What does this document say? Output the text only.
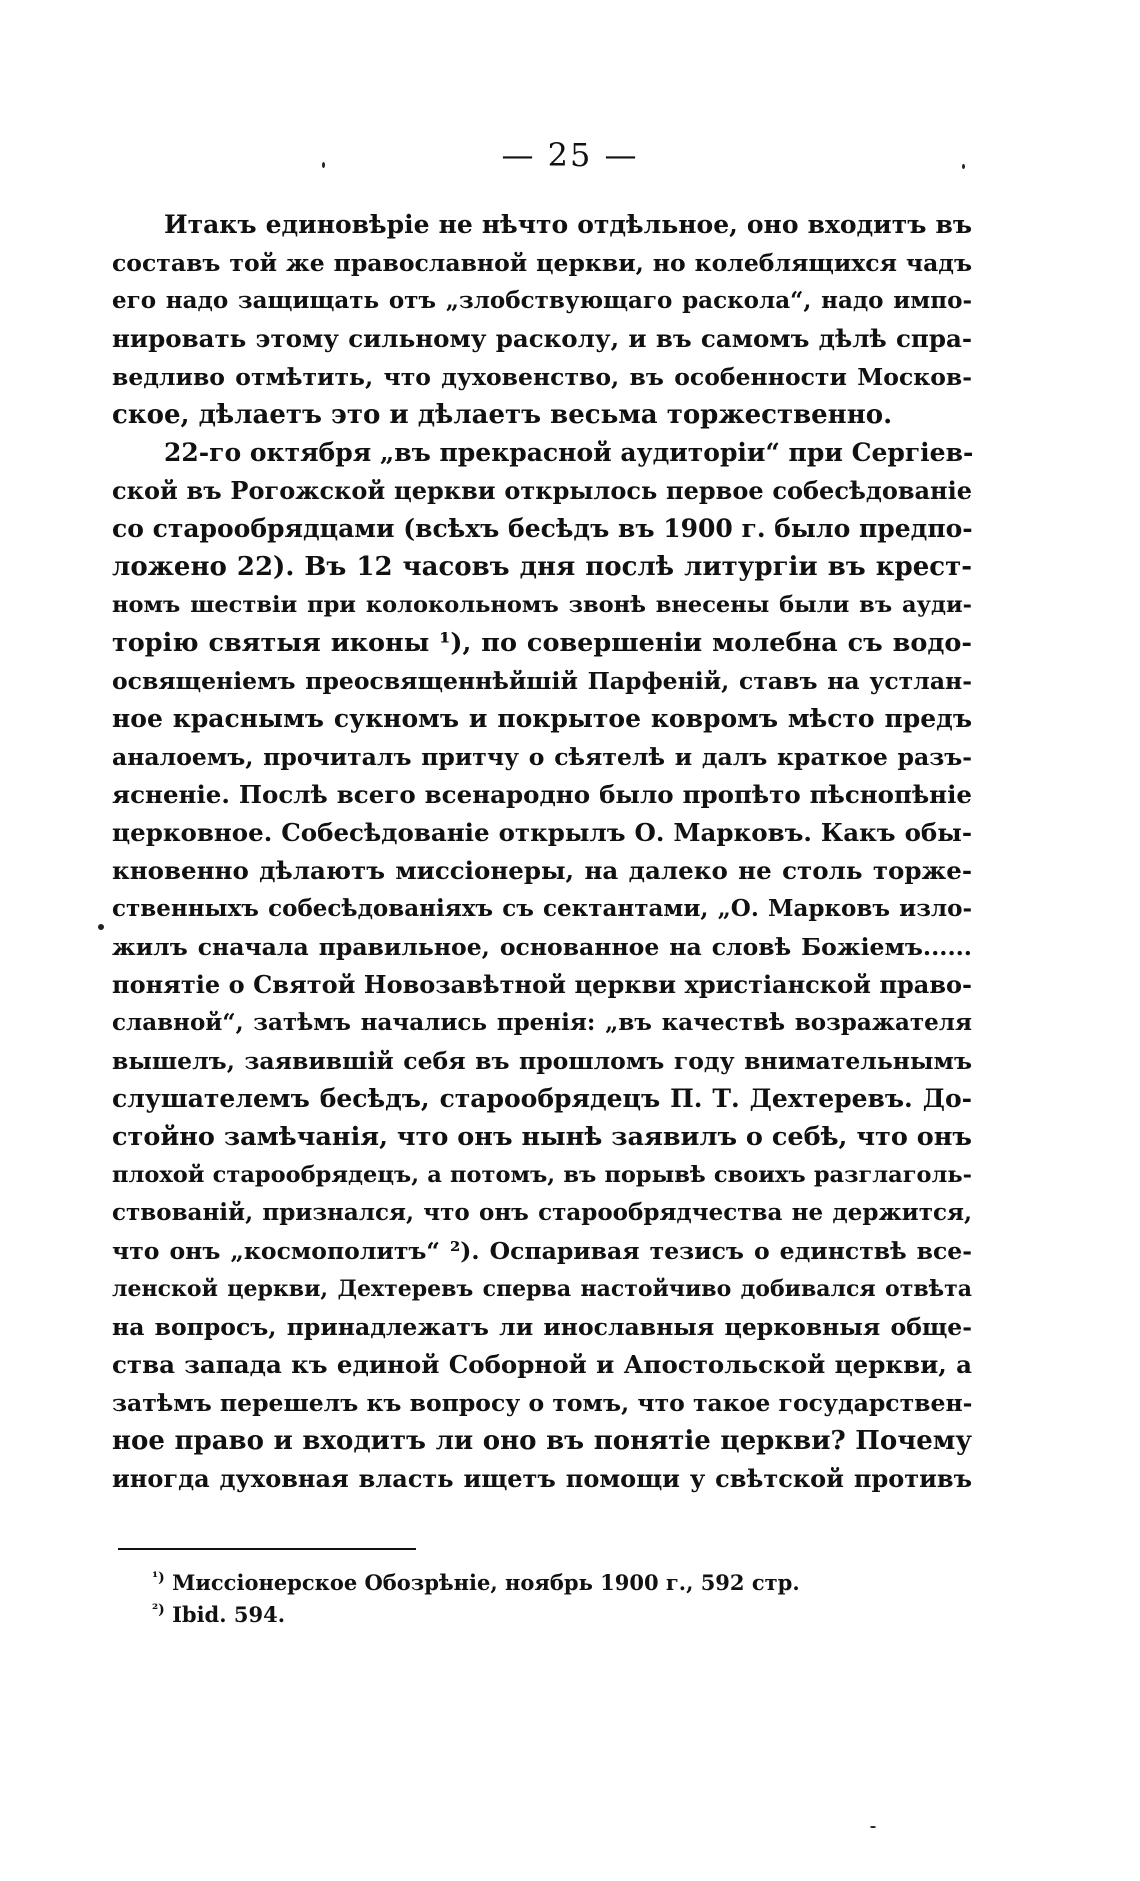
— 25 —
Итакъ единовѣріе не нѣчто отдѣльное, оно входитъ въ
составъ той же православной церкви, но колеблящихся чадъ
его надо защищать отъ „злобствующаго раскола“, надо импо-
нировать этому сильному расколу, и въ самомъ дѣлѣ спра-
ведливо отмѣтить, что духовенство, въ особенности Москов-
ское, дѣлаетъ это и дѣлаетъ весьма торжественно.
22-го октября „въ прекрасной аудиторіи“ при Сергіев-
ской въ Рогожской церкви открылось первое собесѣдованіе
со старообрядцами (всѣхъ бесѣдъ въ 1900 г. было предпо-
ложено 22). Въ 12 часовъ дня послѣ литургіи въ крест-
номъ шествіи при колокольномъ звонѣ внесены были въ ауди-
торію святыя иконы ¹), по совершеніи молебна съ водо-
освященіемъ преосвященнѣйшій Парфеній, ставъ на устлан-
ное краснымъ сукномъ и покрытое ковромъ мѣсто предъ
аналоемъ, прочиталъ притчу о сѣятелѣ и далъ краткое разъ-
ясненіе. Послѣ всего всенародно было пропѣто пѣснопѣніе
церковное. Собесѣдованіе открылъ О. Марковъ. Какъ обы-
кновенно дѣлаютъ миссіонеры, на далеко не столь торже-
ственныхъ собесѣдованіяхъ съ сектантами, „О. Марковъ изло-
жилъ сначала правильное, основанное на словѣ Божіемъ......
понятіе о Святой Новозавѣтной церкви христіанской право-
славной“, затѣмъ начались пренія: „въ качествѣ возражателя
вышелъ, заявившій себя въ прошломъ году внимательнымъ
слушателемъ бесѣдъ, старообрядецъ П. Т. Дехтеревъ. До-
стойно замѣчанія, что онъ нынѣ заявилъ о себѣ, что онъ
плохой старообрядецъ, а потомъ, въ порывѣ своихъ разглаголь-
ствованій, признался, что онъ старообрядчества не держится,
что онъ „космополитъ“ ²). Оспаривая тезисъ о единствѣ все-
ленской церкви, Дехтеревъ сперва настойчиво добивался отвѣта
на вопросъ, принадлежатъ ли инославныя церковныя обще-
ства запада къ единой Соборной и Апостольской церкви, а
затѣмъ перешелъ къ вопросу о томъ, что такое государствен-
ное право и входитъ ли оно въ понятіе церкви? Почему
иногда духовная власть ищетъ помощи у свѣтской противъ
$^{^1)}$ Миссіонерское Обозрѣніе, ноябрь 1900 г., 592 стр.
$^{^2)}$ Ibid. 594.
